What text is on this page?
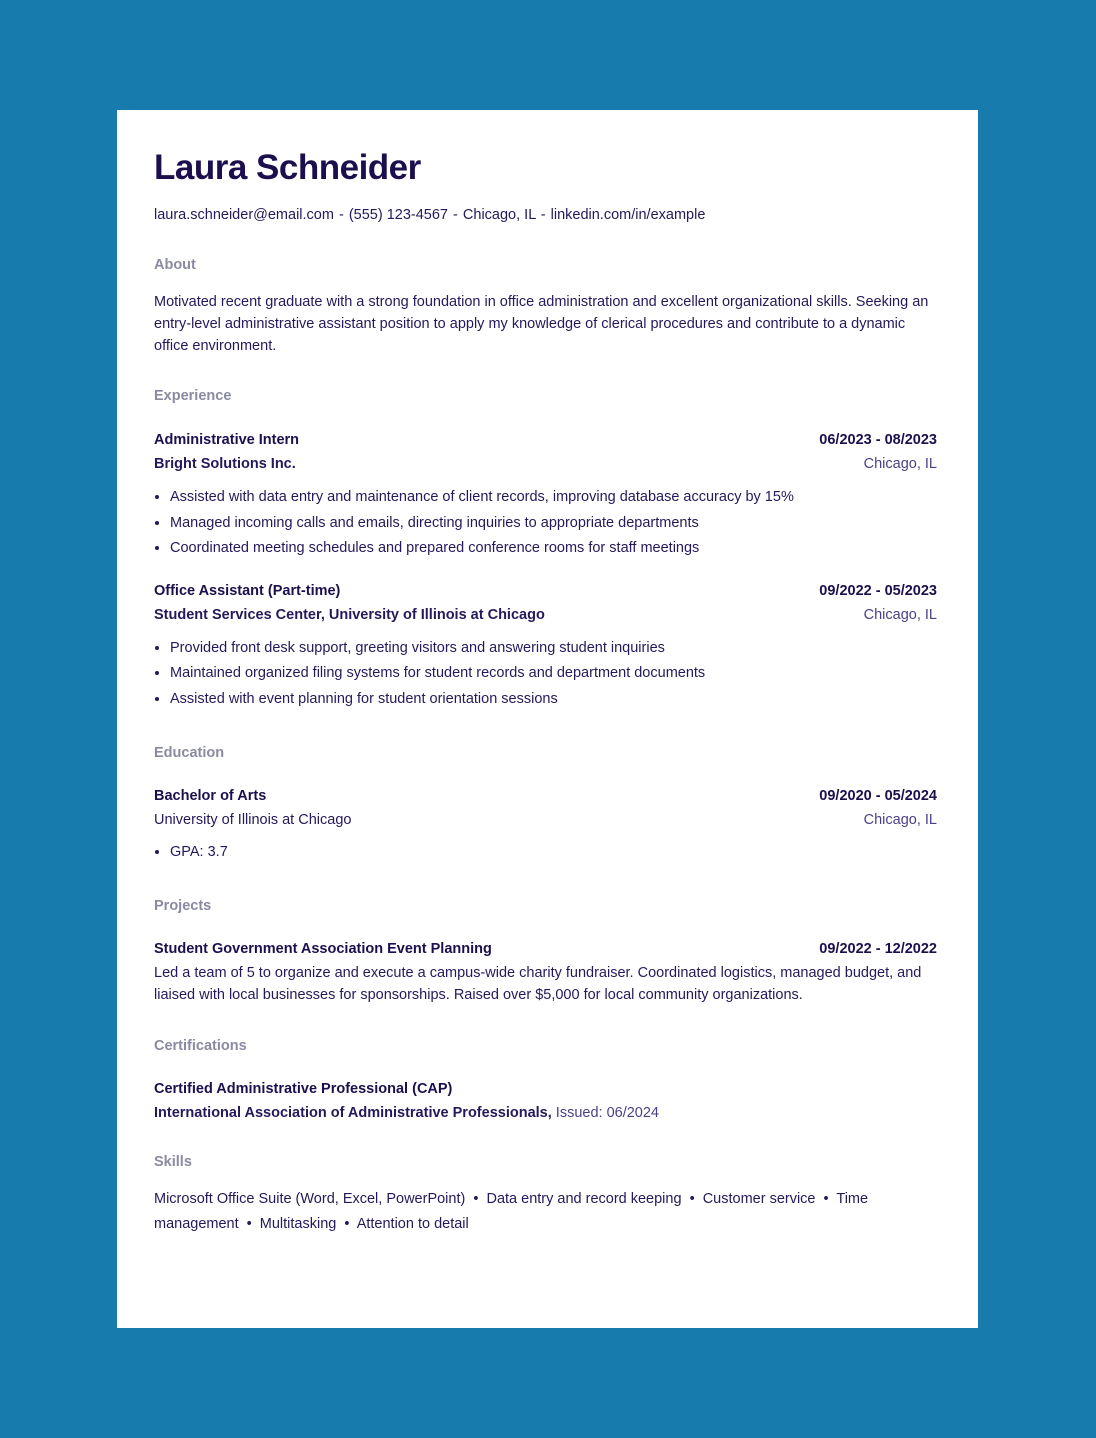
Laura Schneider
laura.schneider@email.com - (555) 123-4567 - Chicago, IL - linkedin.com/in/example
About
Motivated recent graduate with a strong foundation in office administration and excellent organizational skills. Seeking an entry-level administrative assistant position to apply my knowledge of clerical procedures and contribute to a dynamic office environment.
Experience
Administrative Intern	06/2023 - 08/2023
Bright Solutions Inc.	Chicago, IL
• Assisted with data entry and maintenance of client records, improving database accuracy by 15%
• Managed incoming calls and emails, directing inquiries to appropriate departments
• Coordinated meeting schedules and prepared conference rooms for staff meetings
Office Assistant (Part-time)	09/2022 - 05/2023
Student Services Center, University of Illinois at Chicago	Chicago, IL
• Provided front desk support, greeting visitors and answering student inquiries
• Maintained organized filing systems for student records and department documents
• Assisted with event planning for student orientation sessions
Education
Bachelor of Arts	09/2020 - 05/2024
University of Illinois at Chicago	Chicago, IL
• GPA: 3.7
Projects
Student Government Association Event Planning	09/2022 - 12/2022
Led a team of 5 to organize and execute a campus-wide charity fundraiser. Coordinated logistics, managed budget, and liaised with local businesses for sponsorships. Raised over $5,000 for local community organizations.
Certifications
Certified Administrative Professional (CAP)
International Association of Administrative Professionals, Issued: 06/2024
Skills
Microsoft Office Suite (Word, Excel, PowerPoint) • Data entry and record keeping • Customer service • Time management • Multitasking • Attention to detail
